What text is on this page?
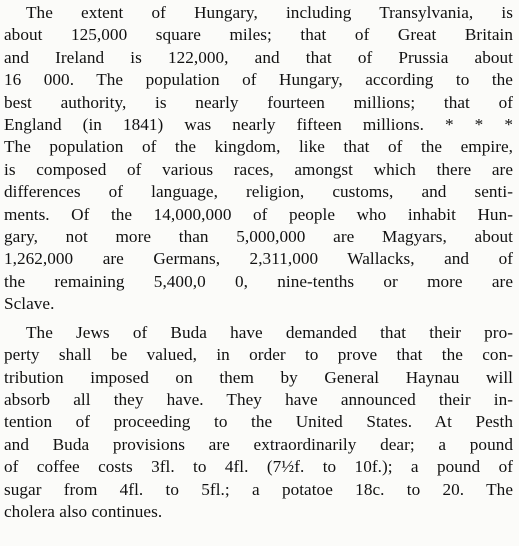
The extent of Hungary, including Transylvania, is
about 125,000 square miles; that of Great Britain
and Ireland is 122,000, and that of Prussia about
16 000. The population of Hungary, according to the
best authority, is nearly fourteen millions; that of
England (in 1841) was nearly fifteen millions. * * *
The population of the kingdom, like that of the empire,
is composed of various races, amongst which there are
differences of language, religion, customs, and senti-
ments. Of the 14,000,000 of people who inhabit Hun-
gary, not more than 5,000,000 are Magyars, about
1,262,000 are Germans, 2,311,000 Wallacks, and of
the remaining 5,400,0 0, nine-tenths or more are
Sclave.

The Jews of Buda have demanded that their pro-
perty shall be valued, in order to prove that the con-
tribution imposed on them by General Haynau will
absorb all they have. They have announced their in-
tention of proceeding to the United States. At Pesth
and Buda provisions are extraordinarily dear; a pound
of coffee costs 3fl. to 4fl. (7½f. to 10f.); a pound of
sugar from 4fl. to 5fl.; a potatoe 18c. to 20. The
cholera also continues.
